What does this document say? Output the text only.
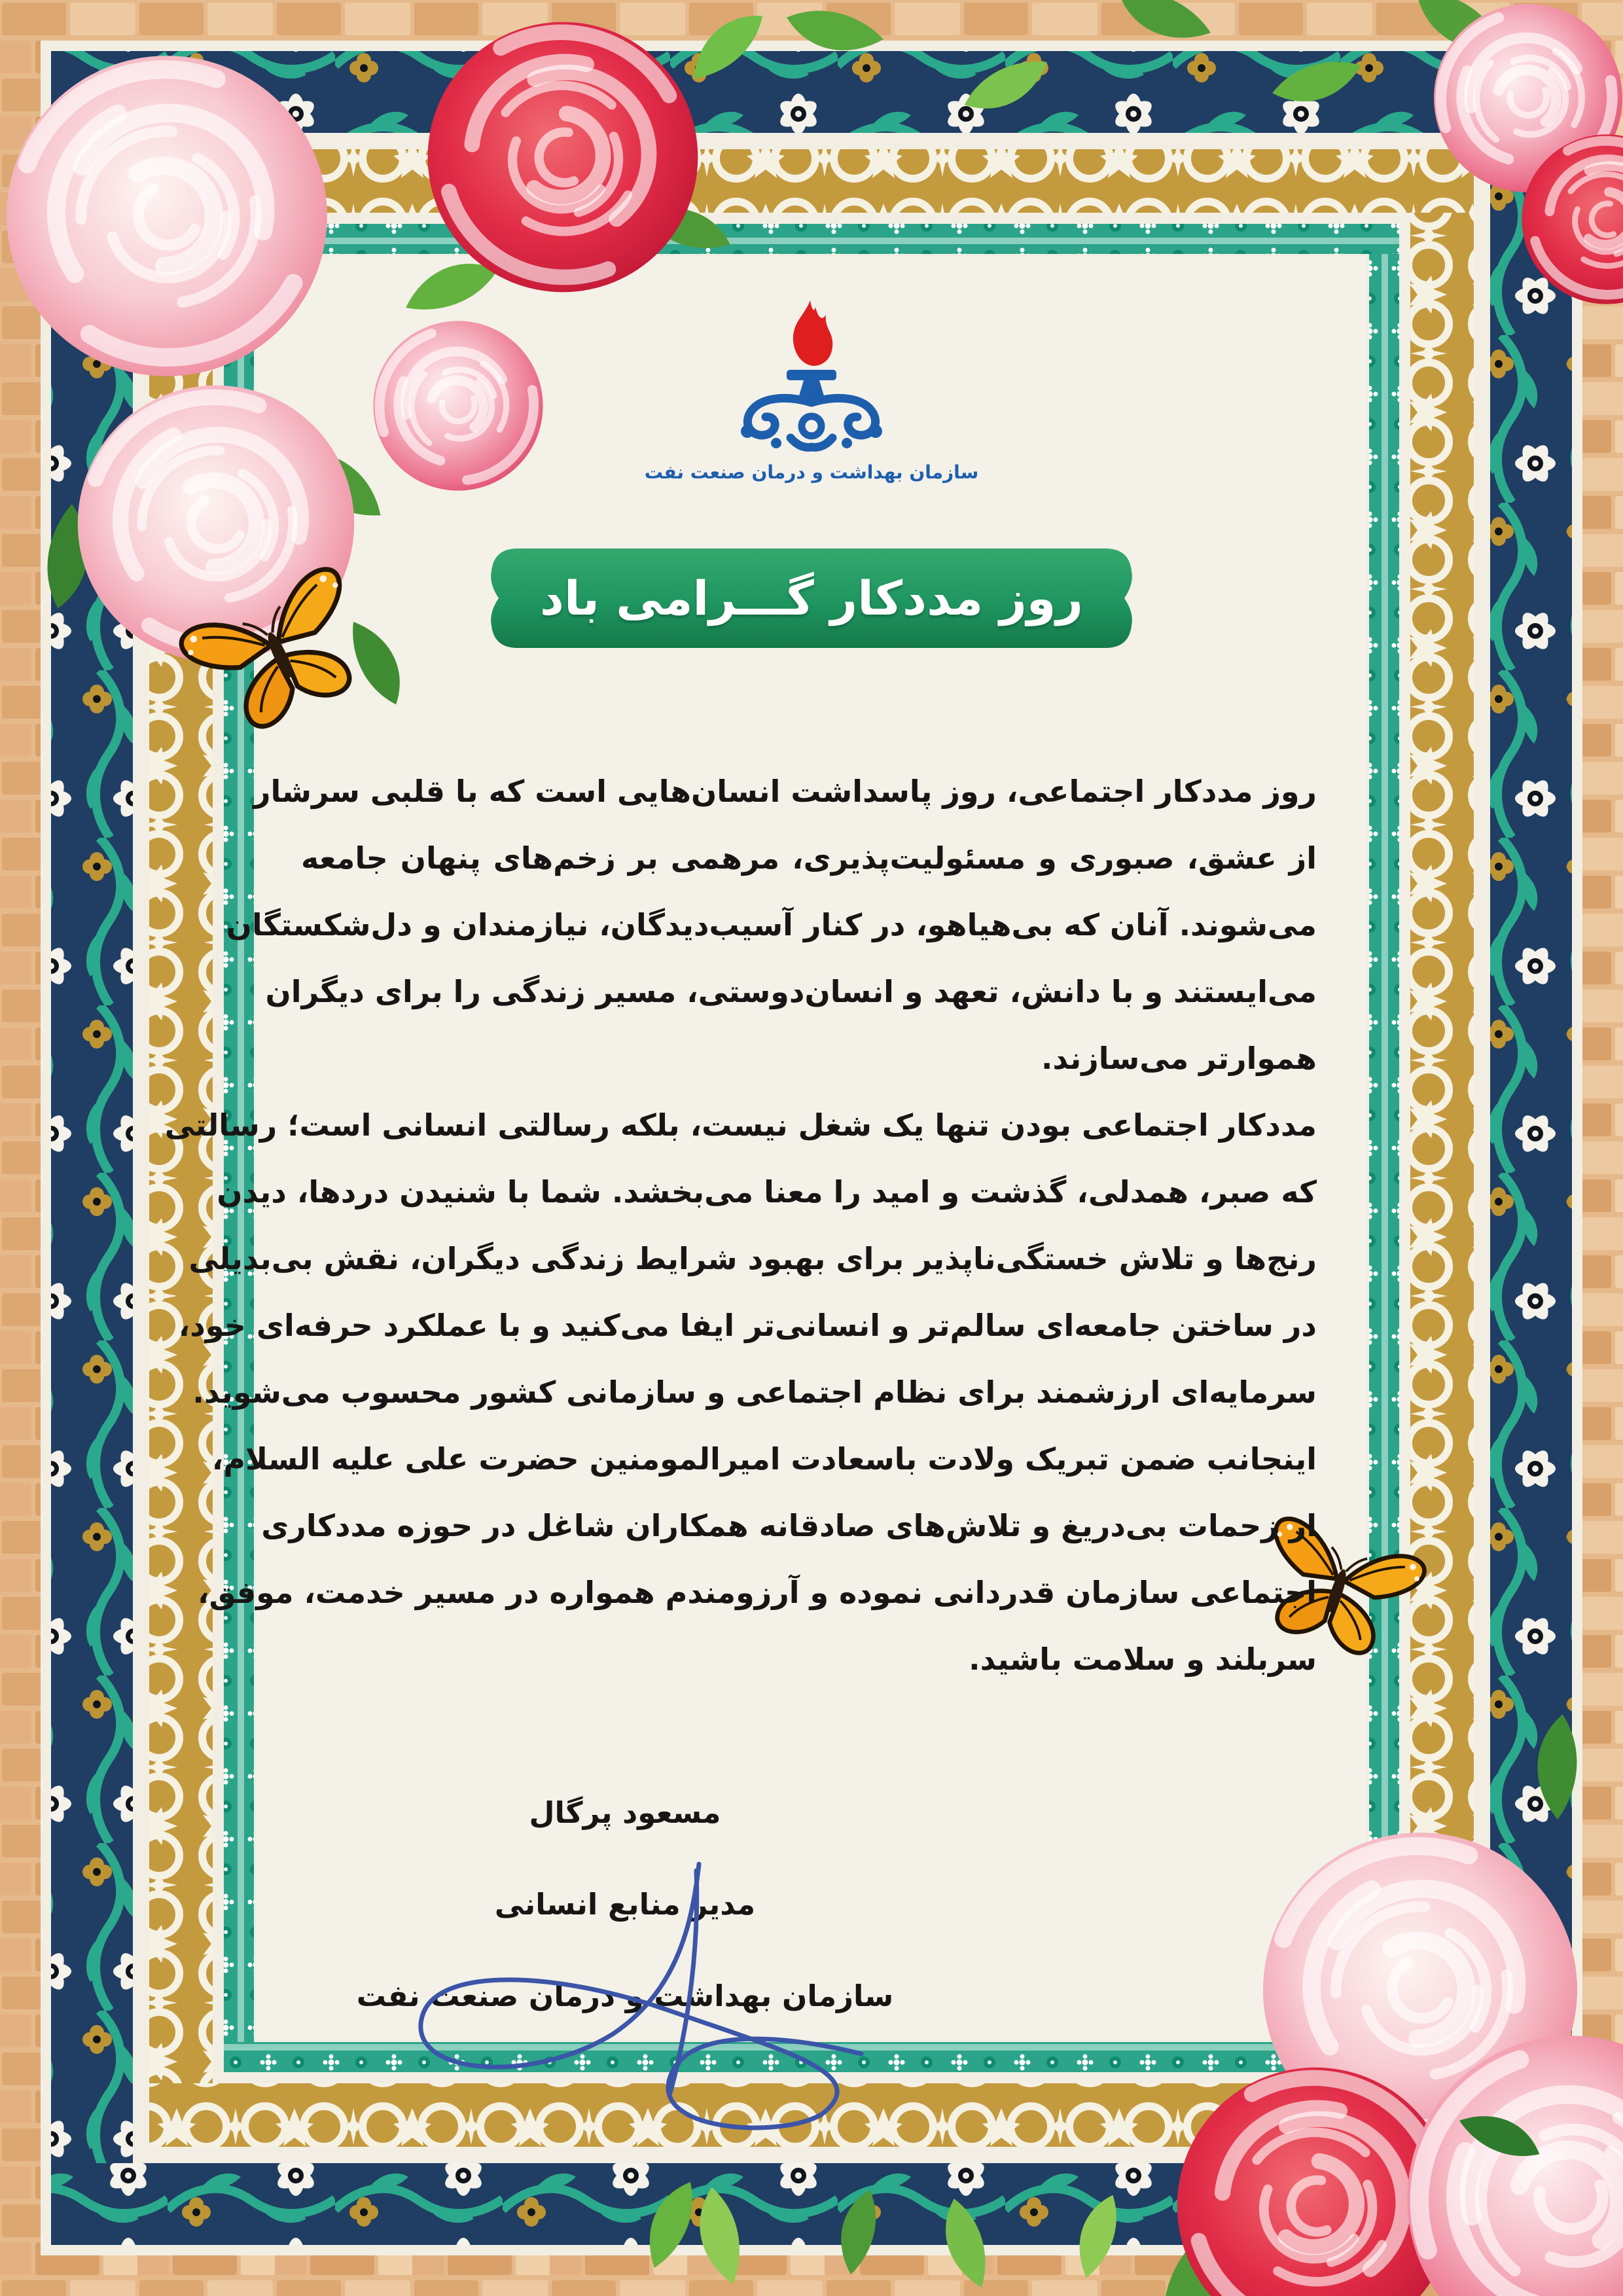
سازمان بهداشت و درمان صنعت نفت
روز مددکار گـــرامی باد
روز مددکار اجتماعی، روز پاسداشت انسان‌هایی است که با قلبی سرشار
از عشق، صبوری و مسئولیت‌پذیری، مرهمی بر زخم‌های پنهان جامعه
می‌شوند. آنان که بی‌هیاهو، در کنار آسیب‌دیدگان، نیازمندان و دل‌شکستگان
می‌ایستند و با دانش، تعهد و انسان‌دوستی، مسیر زندگی را برای دیگران
هموارتر می‌سازند.
مددکار اجتماعی بودن تنها یک شغل نیست، بلکه رسالتی انسانی است؛ رسالتی
که صبر، همدلی، گذشت و امید را معنا می‌بخشد. شما با شنیدن دردها، دیدن
رنج‌ها و تلاش خستگی‌ناپذیر برای بهبود شرایط زندگی دیگران، نقش بی‌بدیلی
در ساختن جامعه‌ای سالم‌تر و انسانی‌تر ایفا می‌کنید و با عملکرد حرفه‌ای خود،
سرمایه‌ای ارزشمند برای نظام اجتماعی و سازمانی کشور محسوب می‌شوید.
اینجانب ضمن تبریک ولادت باسعادت امیرالمومنین حضرت علی علیه السلام،
از زحمات بی‌دریغ و تلاش‌های صادقانه همکاران شاغل در حوزه مددکاری
اجتماعی سازمان قدردانی نموده و آرزومندم همواره در مسیر خدمت، موفق،
سربلند و سلامت باشید.
مسعود پرگال
مدیر منابع انسانی
سازمان بهداشت و درمان صنعت نفت
